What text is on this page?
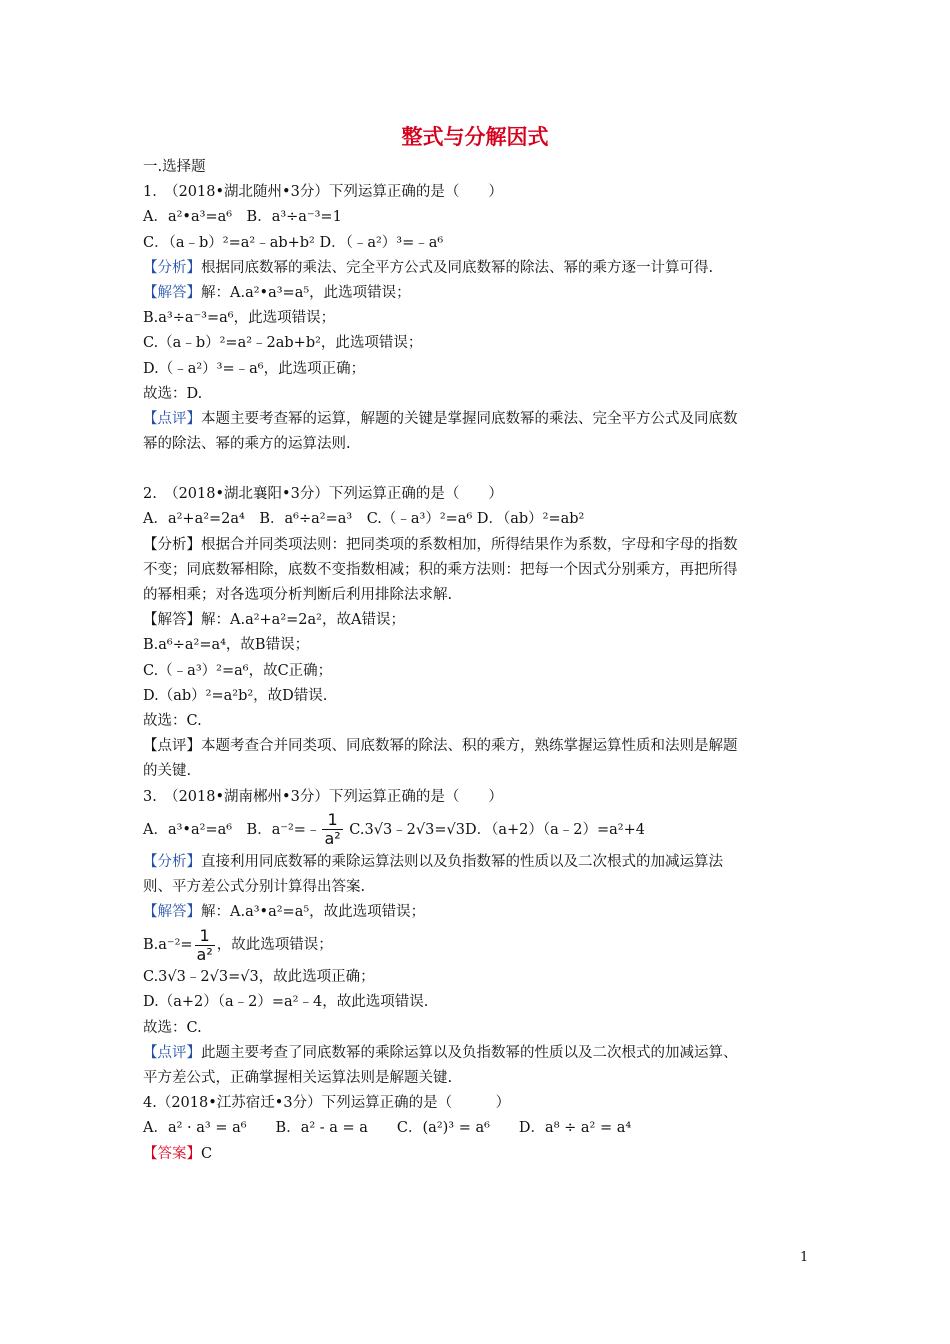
整式与分解因式
一.选择题
1.　（2018•湖北随州•3分）下列运算正确的是（　　）
A．a²•a³=a⁶　B．a³÷a⁻³=1
C．（a﹣b）²=a²﹣ab+b² D．（﹣a²）³=﹣a⁶
【分析】根据同底数幂的乘法、完全平方公式及同底数幂的除法、幂的乘方逐一计算可得.
【解答】解：A.a²•a³=a⁵，此选项错误；
B.a³÷a⁻³=a⁶，此选项错误；
C.（a﹣b）²=a²﹣2ab+b²，此选项错误；
D.（﹣a²）³=﹣a⁶，此选项正确；
故选：D.
【点评】本题主要考查幂的运算，解题的关键是掌握同底数幂的乘法、完全平方公式及同底数
幂的除法、幂的乘方的运算法则.
2.　（2018•湖北襄阳•3分）下列运算正确的是（　　）
A．a²+a²=2a⁴　B．a⁶÷a²=a³　C.（﹣a³）²=a⁶ D．（ab）²=ab²
【分析】根据合并同类项法则：把同类项的系数相加，所得结果作为系数，字母和字母的指数
不变；同底数幂相除，底数不变指数相减；积的乘方法则：把每一个因式分别乘方，再把所得
的幂相乘；对各选项分析判断后利用排除法求解.
【解答】解：A.a²+a²=2a²，故A错误；
B.a⁶÷a²=a⁴，故B错误；
C.（﹣a³）²=a⁶，故C正确；
D.（ab）²=a²b²，故D错误.
故选：C.
【点评】本题考查合并同类项、同底数幂的除法、积的乘方，熟练掌握运算性质和法则是解题
的关键.
3.　（2018•湖南郴州•3分）下列运算正确的是（　　）
A．a³•a²=a⁶　B．a⁻²=﹣ $\frac{1}{\text{a²}}$ C.3√3﹣2√3=√3D．（a+2）（a﹣2）=a²+4
【分析】直接利用同底数幂的乘除运算法则以及负指数幂的性质以及二次根式的加减运算法
则、平方差公式分别计算得出答案.
【解答】解：A.a³•a²=a⁵，故此选项错误；
$B.a^{-2}= \frac{1}{\text{a²}}$ ，故此选项错误；
C.3√3﹣2√3=√3，故此选项正确；
D.（a+2）（a﹣2）=a²﹣4，故此选项错误.
故选：C.
【点评】此题主要考查了同底数幂的乘除运算以及负指数幂的性质以及二次根式的加减运算、
平方差公式，正确掌握相关运算法则是解题关键.
4.（2018•江苏宿迁•3分）下列运算正确的是（　　　）
A．a² · a³ = a⁶　　B．a² - a = a　　C．(a²)³ = a⁶　　D．a⁸ ÷ a² = a⁴
【答案】C
1
